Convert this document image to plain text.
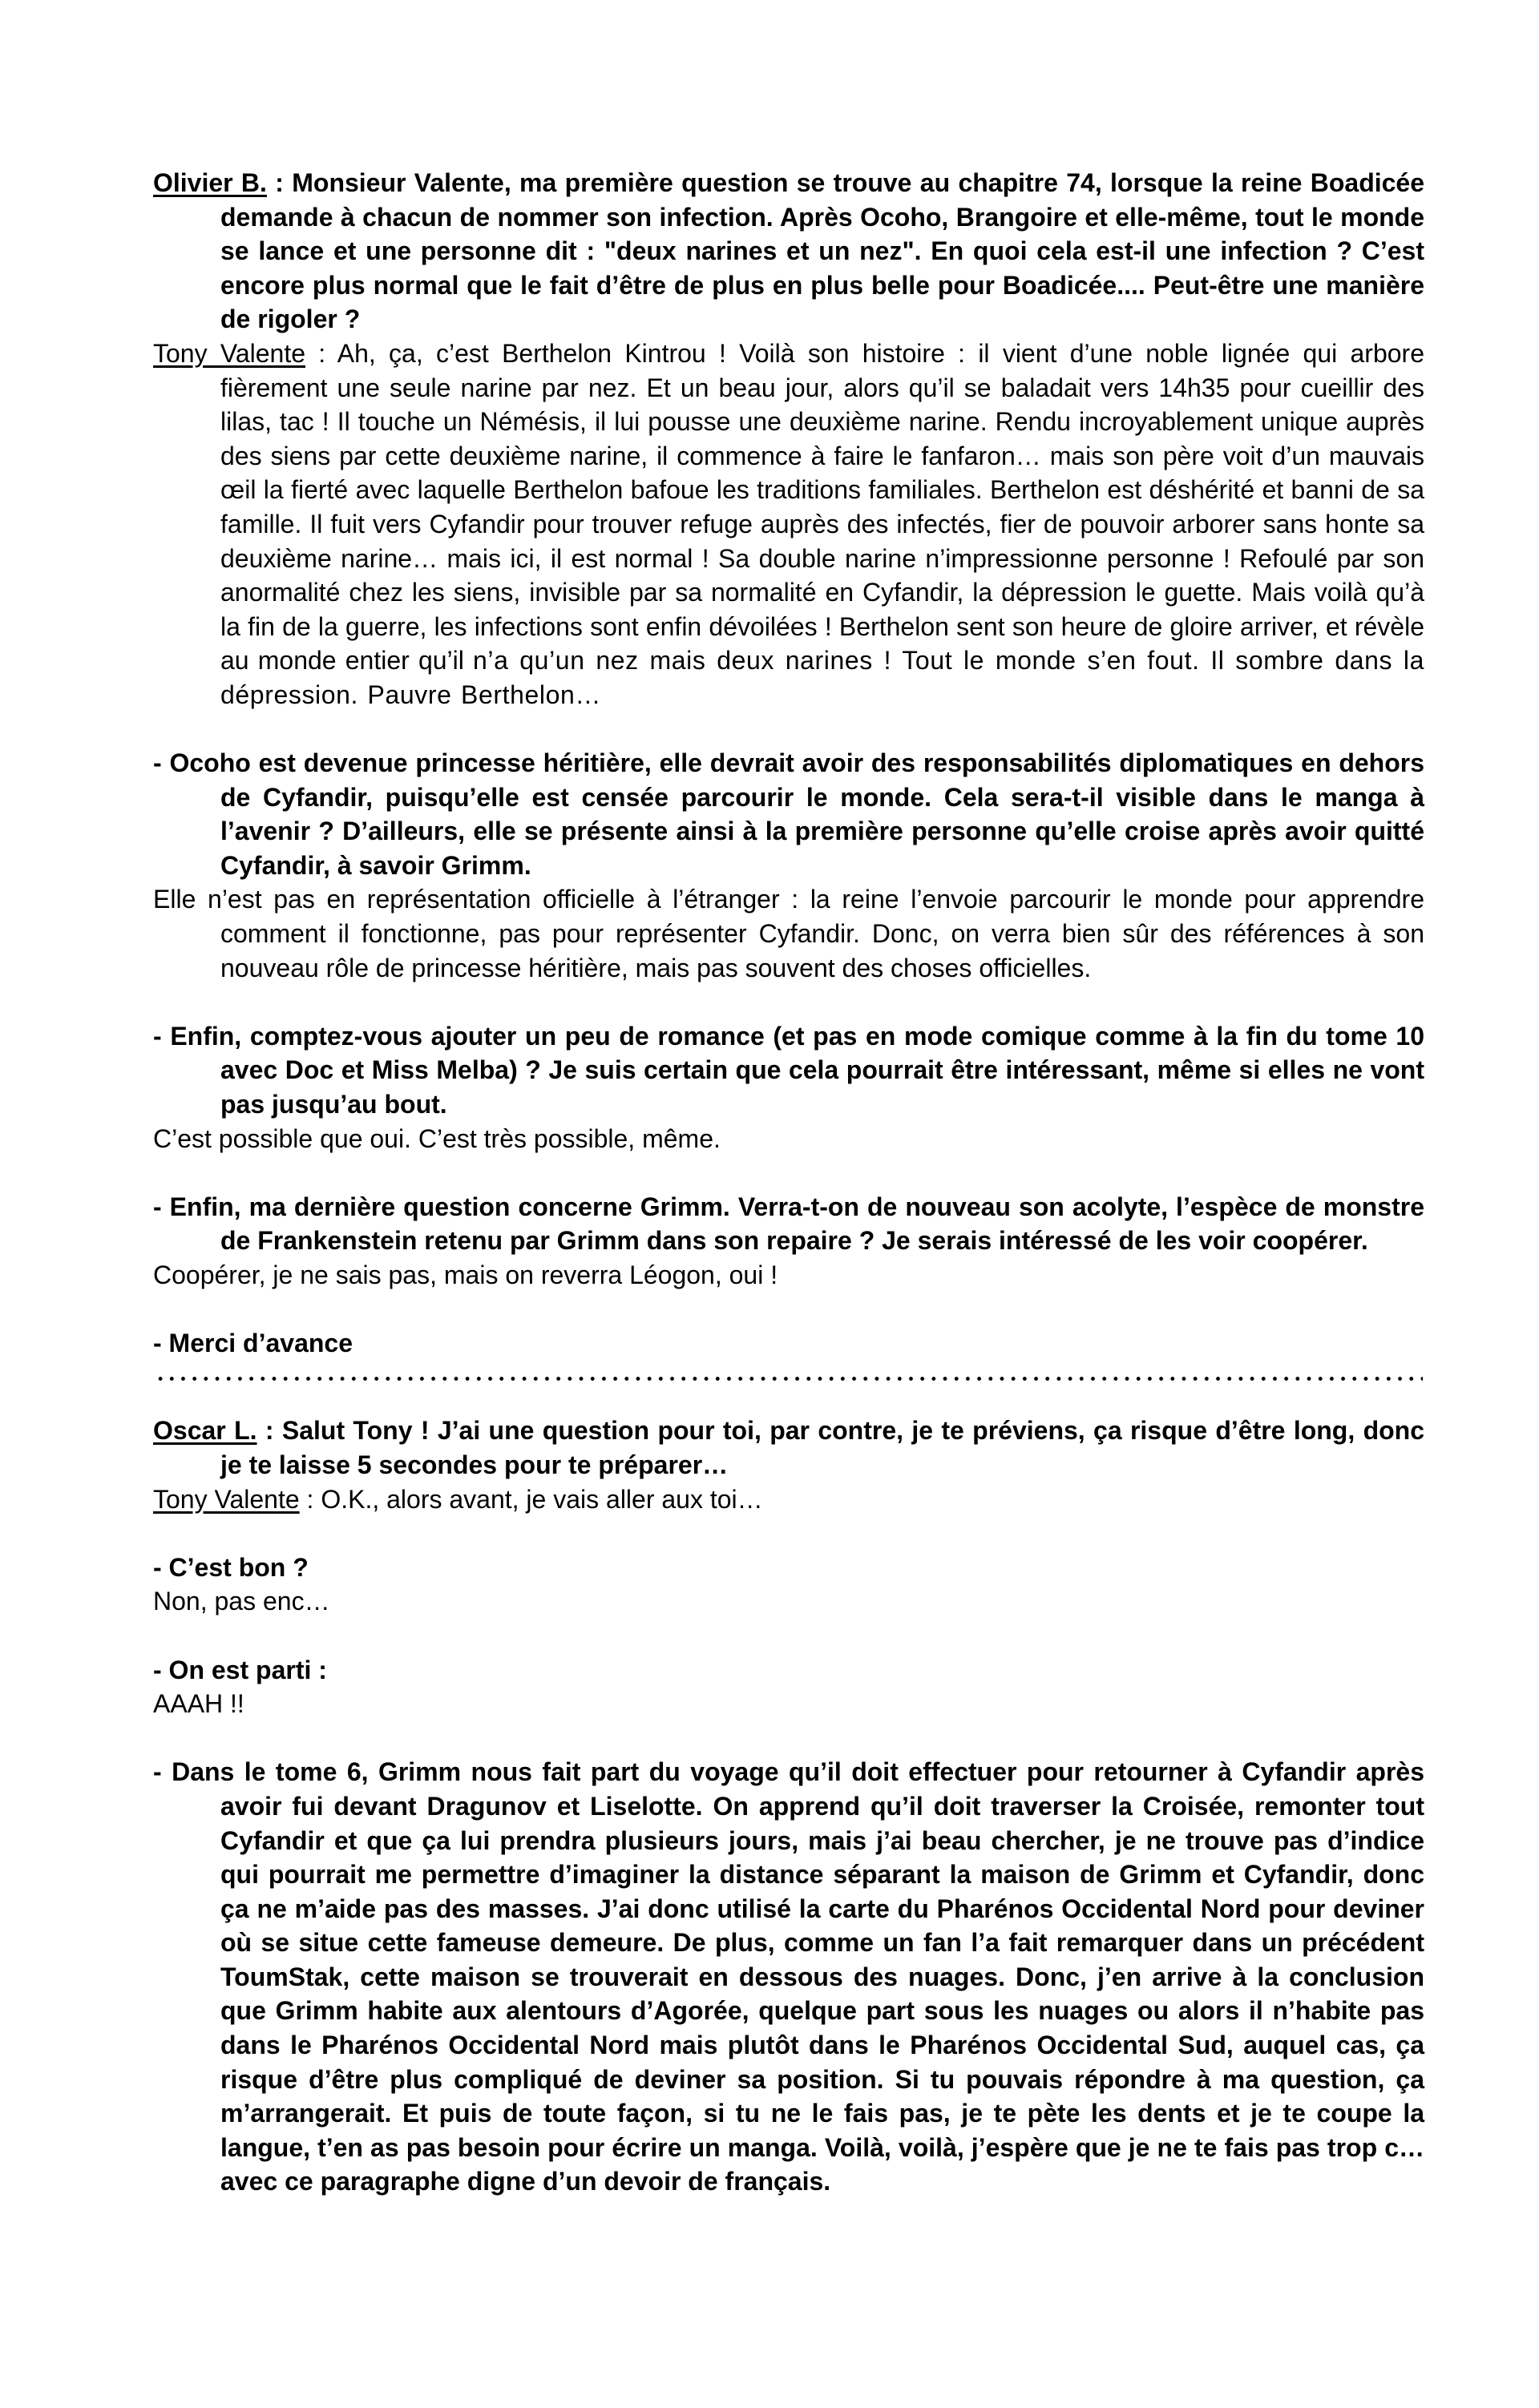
Olivier B. : Monsieur Valente, ma première question se trouve au chapitre 74, lorsque la reine Boadicée demande à chacun de nommer son infection. Après Ocoho, Brangoire et elle-même, tout le monde se lance et une personne dit : "deux narines et un nez". En quoi cela est-il une infection ? C’est encore plus normal que le fait d’être de plus en plus belle pour Boadicée.... Peut-être une manière de rigoler ?

Tony Valente : Ah, ça, c’est Berthelon Kintrou ! Voilà son histoire : il vient d’une noble lignée qui arbore fièrement une seule narine par nez. Et un beau jour, alors qu’il se baladait vers 14h35 pour cueillir des lilas, tac ! Il touche un Némésis, il lui pousse une deuxième narine. Rendu incroyablement unique auprès des siens par cette deuxième narine, il commence à faire le fanfaron… mais son père voit d’un mauvais œil la fierté avec laquelle Berthelon bafoue les traditions familiales. Berthelon est déshérité et banni de sa famille. Il fuit vers Cyfandir pour trouver refuge auprès des infectés, fier de pouvoir arborer sans honte sa deuxième narine… mais ici, il est normal ! Sa double narine n’impressionne personne ! Refoulé par son anormalité chez les siens, invisible par sa normalité en Cyfandir, la dépression le guette. Mais voilà qu’à la fin de la guerre, les infections sont enfin dévoilées ! Berthelon sent son heure de gloire arriver, et révèle au monde entier qu’il n’a qu’un nez mais deux narines ! Tout le monde s’en fout. Il sombre dans la dépression. Pauvre Berthelon…

- Ocoho est devenue princesse héritière, elle devrait avoir des responsabilités diplomatiques en dehors de Cyfandir, puisqu’elle est censée parcourir le monde. Cela sera-t-il visible dans le manga à l’avenir ? D’ailleurs, elle se présente ainsi à la première personne qu’elle croise après avoir quitté Cyfandir, à savoir Grimm.

Elle n’est pas en représentation officielle à l’étranger : la reine l’envoie parcourir le monde pour apprendre comment il fonctionne, pas pour représenter Cyfandir. Donc, on verra bien sûr des références à son nouveau rôle de princesse héritière, mais pas souvent des choses officielles.

- Enfin, comptez-vous ajouter un peu de romance (et pas en mode comique comme à la fin du tome 10 avec Doc et Miss Melba) ? Je suis certain que cela pourrait être intéressant, même si elles ne vont pas jusqu’au bout.

C’est possible que oui. C’est très possible, même.

- Enfin, ma dernière question concerne Grimm. Verra-t-on de nouveau son acolyte, l’espèce de monstre de Frankenstein retenu par Grimm dans son repaire ? Je serais intéressé de les voir coopérer.

Coopérer, je ne sais pas, mais on reverra Léogon, oui !

- Merci d’avance

Oscar L. : Salut Tony ! J’ai une question pour toi, par contre, je te préviens, ça risque d’être long, donc je te laisse 5 secondes pour te préparer…

Tony Valente : O.K., alors avant, je vais aller aux toi…

- C’est bon ?

Non, pas enc…

- On est parti :

AAAH !!

- Dans le tome 6, Grimm nous fait part du voyage qu’il doit effectuer pour retourner à Cyfandir après avoir fui devant Dragunov et Liselotte. On apprend qu’il doit traverser la Croisée, remonter tout Cyfandir et que ça lui prendra plusieurs jours, mais j’ai beau chercher, je ne trouve pas d’indice qui pourrait me permettre d’imaginer la distance séparant la maison de Grimm et Cyfandir, donc ça ne m’aide pas des masses. J’ai donc utilisé la carte du Pharénos Occidental Nord pour deviner où se situe cette fameuse demeure. De plus, comme un fan l’a fait remarquer dans un précédent ToumStak, cette maison se trouverait en dessous des nuages. Donc, j’en arrive à la conclusion que Grimm habite aux alentours d’Agorée, quelque part sous les nuages ou alors il n’habite pas dans le Pharénos Occidental Nord mais plutôt dans le Pharénos Occidental Sud, auquel cas, ça risque d’être plus compliqué de deviner sa position. Si tu pouvais répondre à ma question, ça m’arrangerait. Et puis de toute façon, si tu ne le fais pas, je te pète les dents et je te coupe la langue, t’en as pas besoin pour écrire un manga. Voilà, voilà, j’espère que je ne te fais pas trop c… avec ce paragraphe digne d’un devoir de français.
